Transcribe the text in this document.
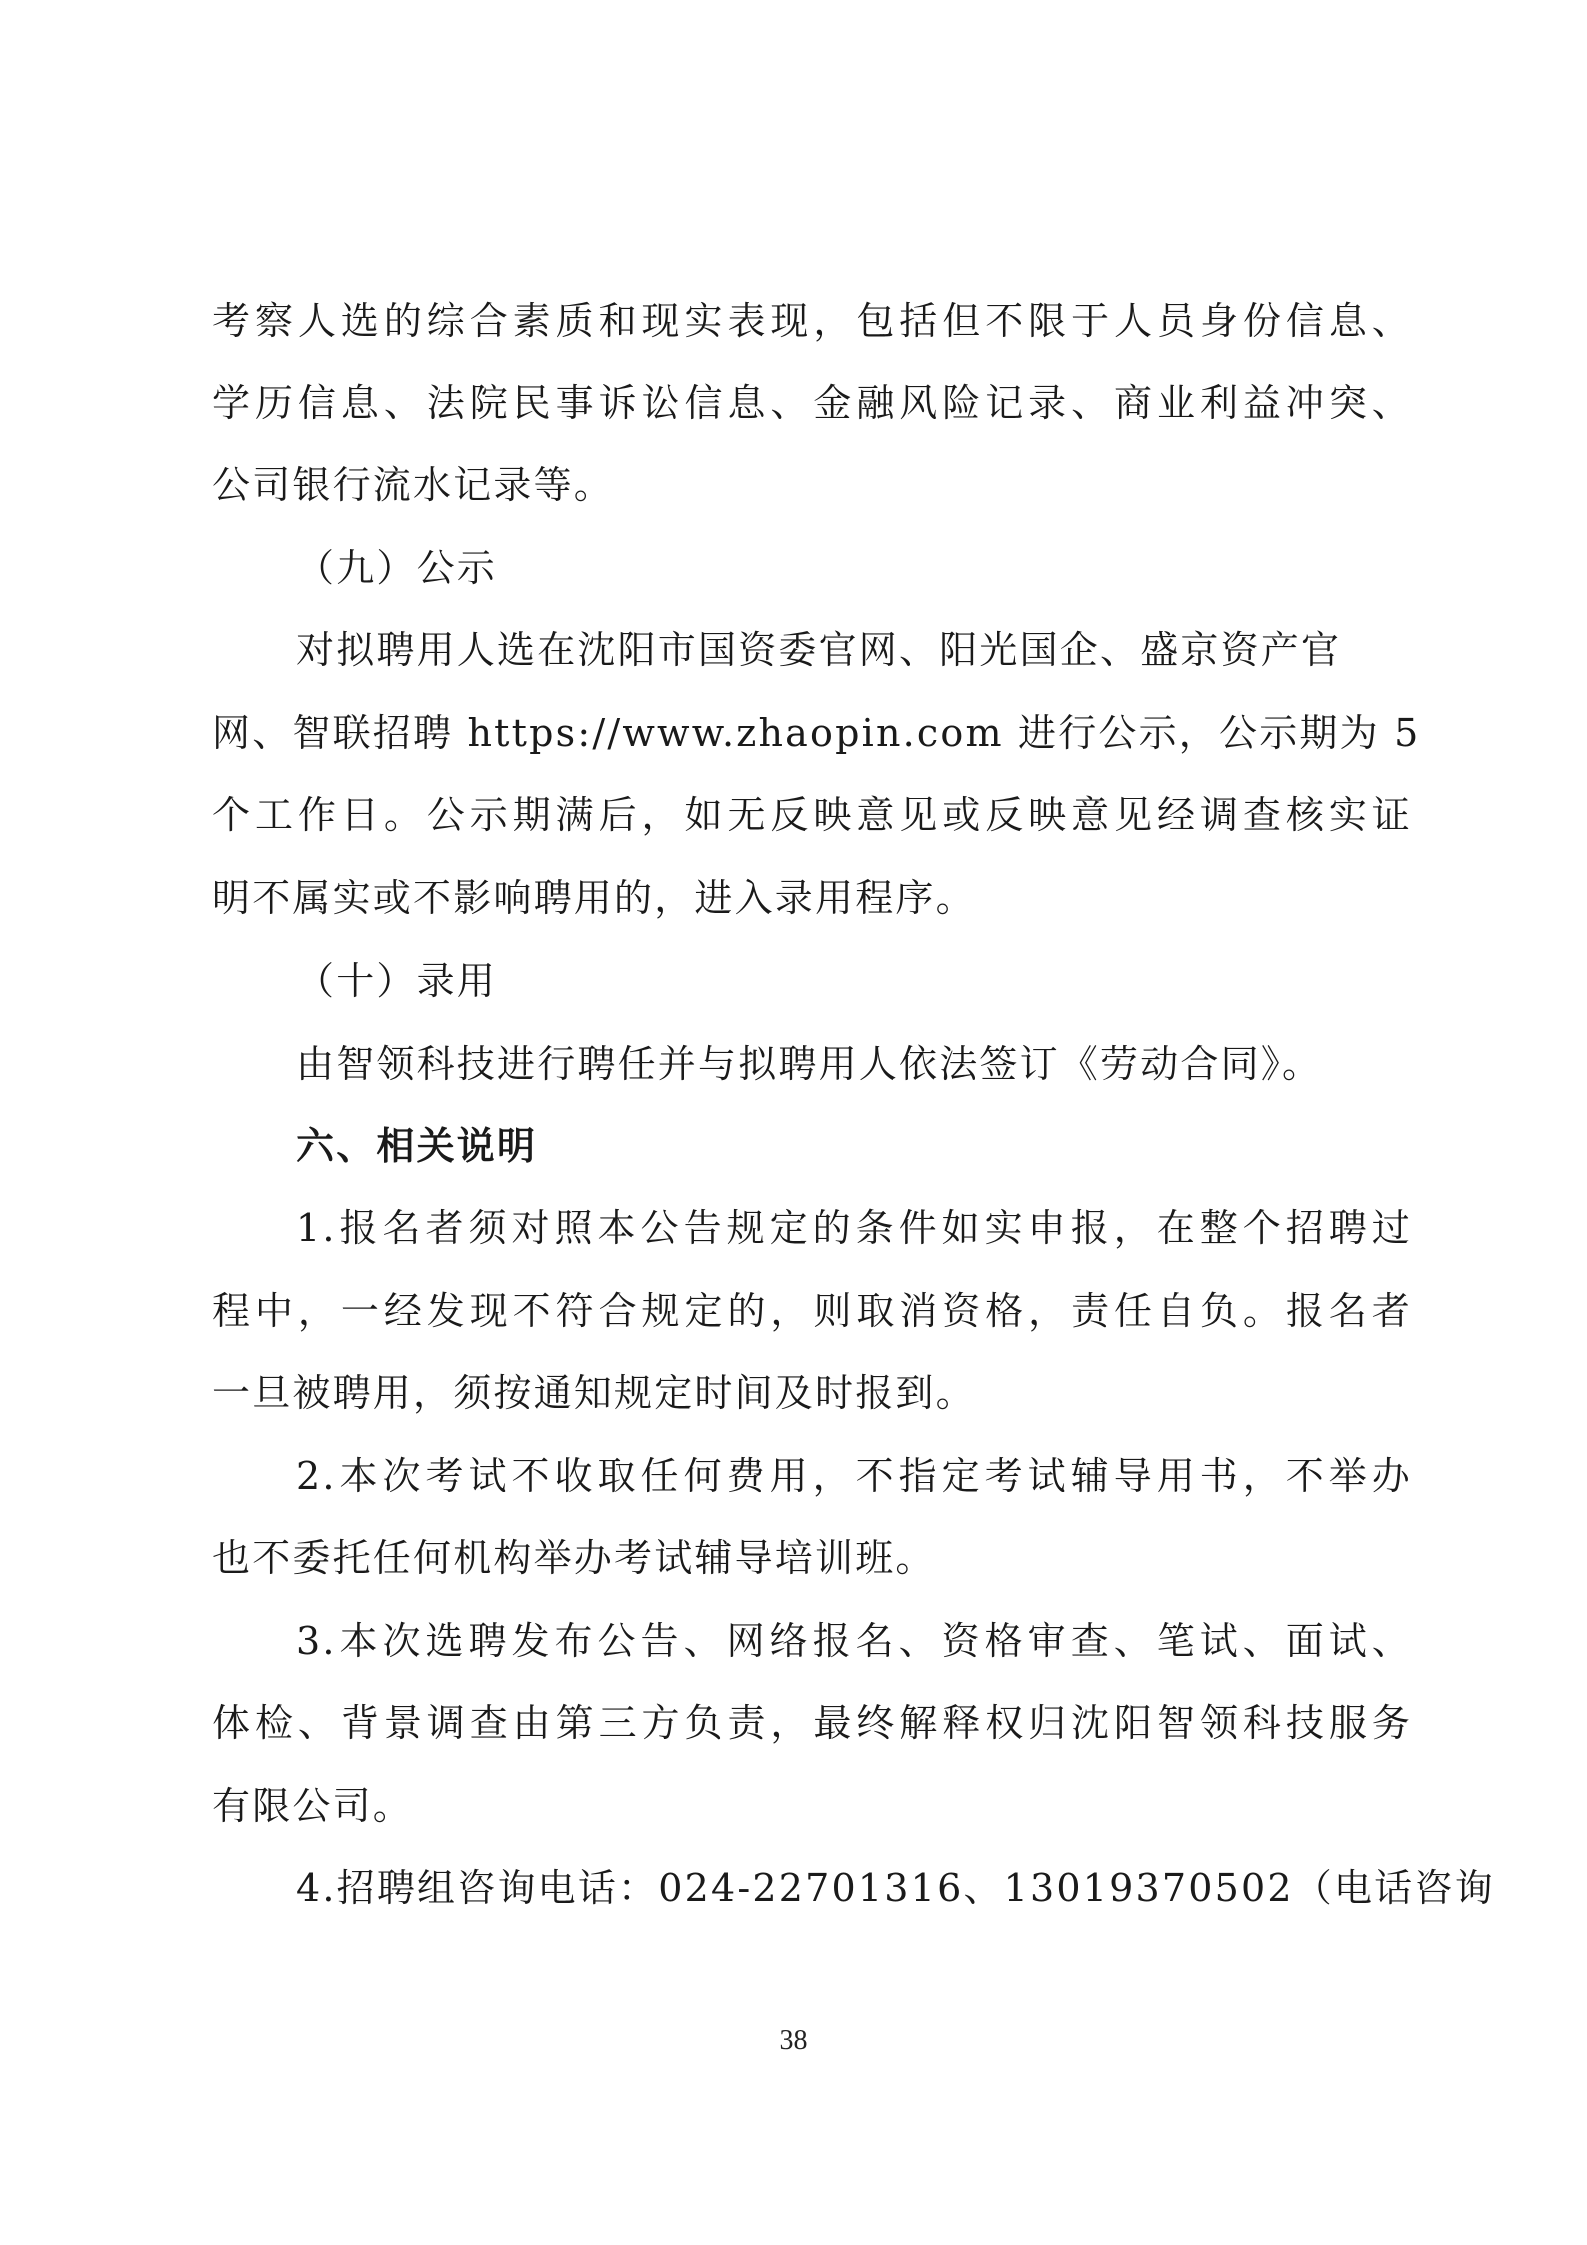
考察人选的综合素质和现实表现，包括但不限于人员身份信息、
学历信息、法院民事诉讼信息、金融风险记录、商业利益冲突、
公司银行流水记录等。
（九）公示
对拟聘用人选在沈阳市国资委官网、阳光国企、盛京资产官
网、智联招聘 https://www.zhaopin.com 进行公示，公示期为 5
个工作日。公示期满后，如无反映意见或反映意见经调查核实证
明不属实或不影响聘用的，进入录用程序。
（十）录用
由智领科技进行聘任并与拟聘用人依法签订《劳动合同》。
六、相关说明
1.报名者须对照本公告规定的条件如实申报，在整个招聘过
程中，一经发现不符合规定的，则取消资格，责任自负。报名者
一旦被聘用，须按通知规定时间及时报到。
2.本次考试不收取任何费用，不指定考试辅导用书，不举办
也不委托任何机构举办考试辅导培训班。
3.本次选聘发布公告、网络报名、资格审查、笔试、面试、
体检、背景调查由第三方负责，最终解释权归沈阳智领科技服务
有限公司。
4.招聘组咨询电话：024-22701316、13019370502（电话咨询
38
